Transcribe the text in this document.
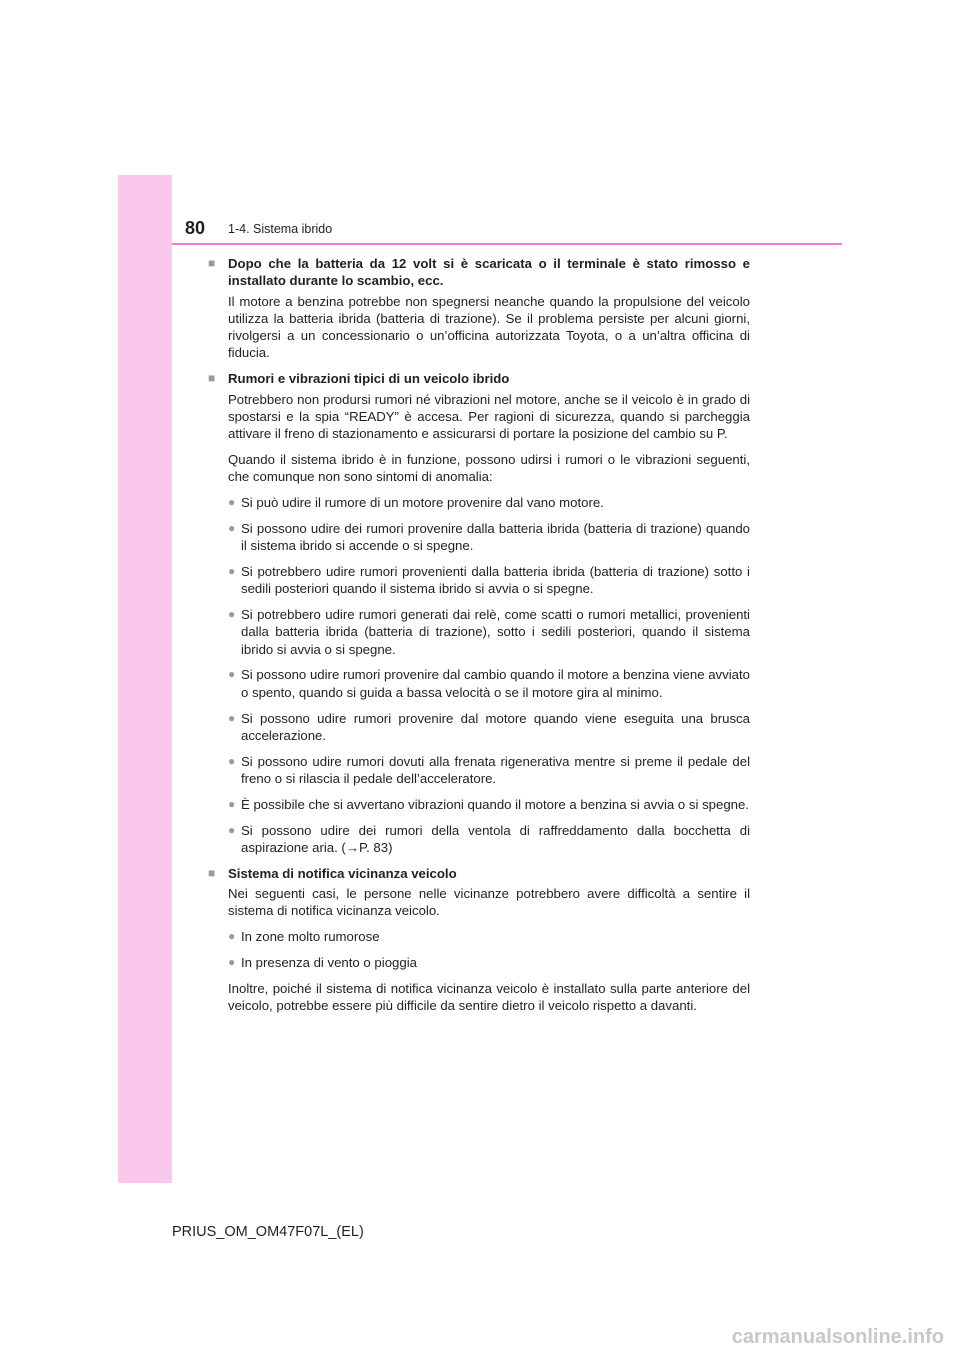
80 1-4. Sistema ibrido
■ Dopo che la batteria da 12 volt si è scaricata o il terminale è stato rimosso e installato durante lo scambio, ecc.

Il motore a benzina potrebbe non spegnersi neanche quando la propulsione del veicolo utilizza la batteria ibrida (batteria di trazione). Se il problema persiste per alcuni giorni, rivolgersi a un concessionario o un’officina autorizzata Toyota, o a un’altra officina di fiducia.

■ Rumori e vibrazioni tipici di un veicolo ibrido

Potrebbero non prodursi rumori né vibrazioni nel motore, anche se il veicolo è in grado di spostarsi e la spia “READY” è accesa. Per ragioni di sicurezza, quando si parcheggia attivare il freno di stazionamento e assicurarsi di portare la posizione del cambio su P.

Quando il sistema ibrido è in funzione, possono udirsi i rumori o le vibrazioni seguenti, che comunque non sono sintomi di anomalia:

● Si può udire il rumore di un motore provenire dal vano motore.
● Si possono udire dei rumori provenire dalla batteria ibrida (batteria di trazione) quando il sistema ibrido si accende o si spegne.
● Si potrebbero udire rumori provenienti dalla batteria ibrida (batteria di trazione) sotto i sedili posteriori quando il sistema ibrido si avvia o si spegne.
● Si potrebbero udire rumori generati dai relè, come scatti o rumori metallici, provenienti dalla batteria ibrida (batteria di trazione), sotto i sedili posteriori, quando il sistema ibrido si avvia o si spegne.
● Si possono udire rumori provenire dal cambio quando il motore a benzina viene avviato o spento, quando si guida a bassa velocità o se il motore gira al minimo.
● Si possono udire rumori provenire dal motore quando viene eseguita una brusca accelerazione.
● Si possono udire rumori dovuti alla frenata rigenerativa mentre si preme il pedale del freno o si rilascia il pedale dell’acceleratore.
● È possibile che si avvertano vibrazioni quando il motore a benzina si avvia o si spegne.
● Si possono udire dei rumori della ventola di raffreddamento dalla bocchetta di aspirazione aria. (→P. 83)
■ Sistema di notifica vicinanza veicolo

Nei seguenti casi, le persone nelle vicinanze potrebbero avere difficoltà a sentire il sistema di notifica vicinanza veicolo.

● In zone molto rumorose
● In presenza di vento o pioggia

Inoltre, poiché il sistema di notifica vicinanza veicolo è installato sulla parte anteriore del veicolo, potrebbe essere più difficile da sentire dietro il veicolo rispetto a davanti.

PRIUS_OM_OM47F07L_(EL)
carmanualsonline.info
